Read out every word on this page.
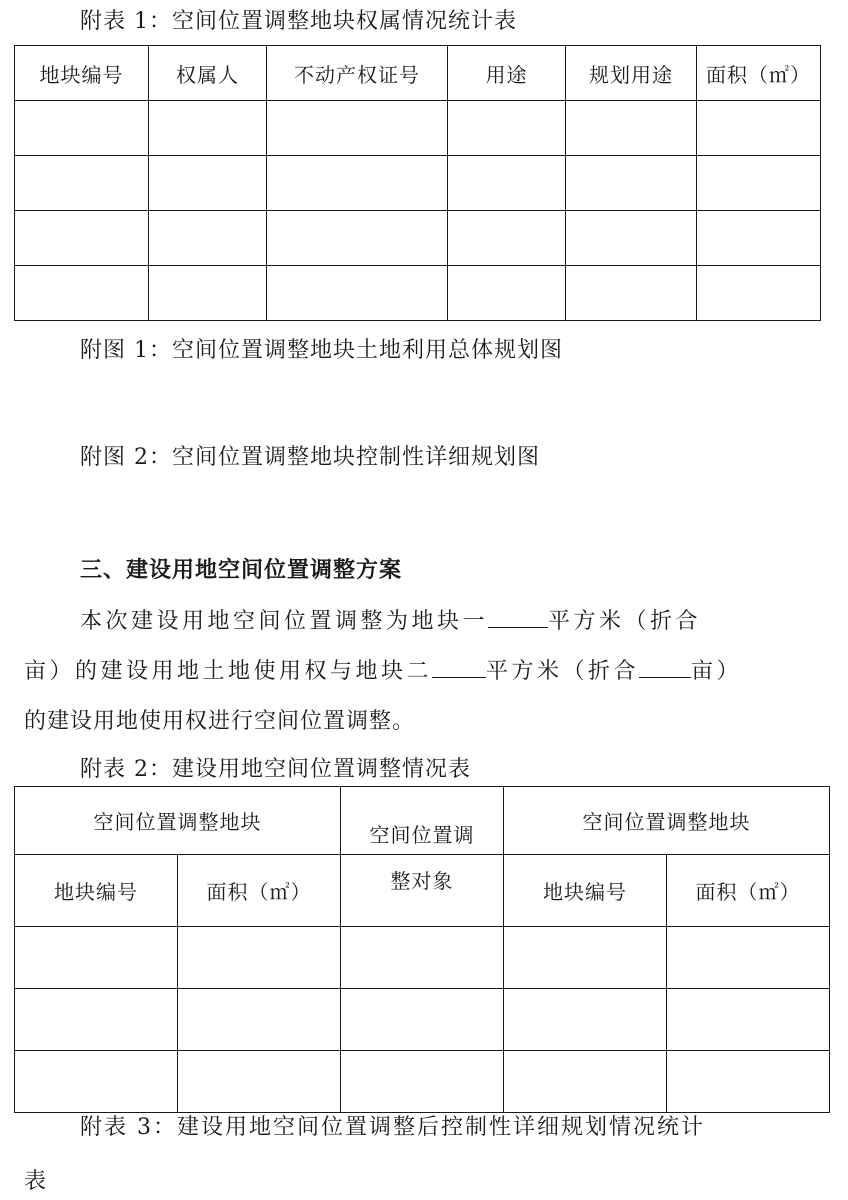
附表 1：空间位置调整地块权属情况统计表
地块编号	权属人	不动产权证号	用途	规划用途	面积（㎡）

附图 1：空间位置调整地块土地利用总体规划图
附图 2：空间位置调整地块控制性详细规划图
三、建设用地空间位置调整方案
本次建设用地空间位置调整为地块一	平方米（折合
亩）的建设用地土地使用权与地块二 平方米（折合 亩）
的建设用地使用权进行空间位置调整。
附表 2：建设用地空间位置调整情况表
空间位置调整地块		空间位置调	空间位置调整地块	
地块编号	面积（㎡）	整对象	地块编号	面积（㎡）

附表 3：建设用地空间位置调整后控制性详细规划情况统计
表
